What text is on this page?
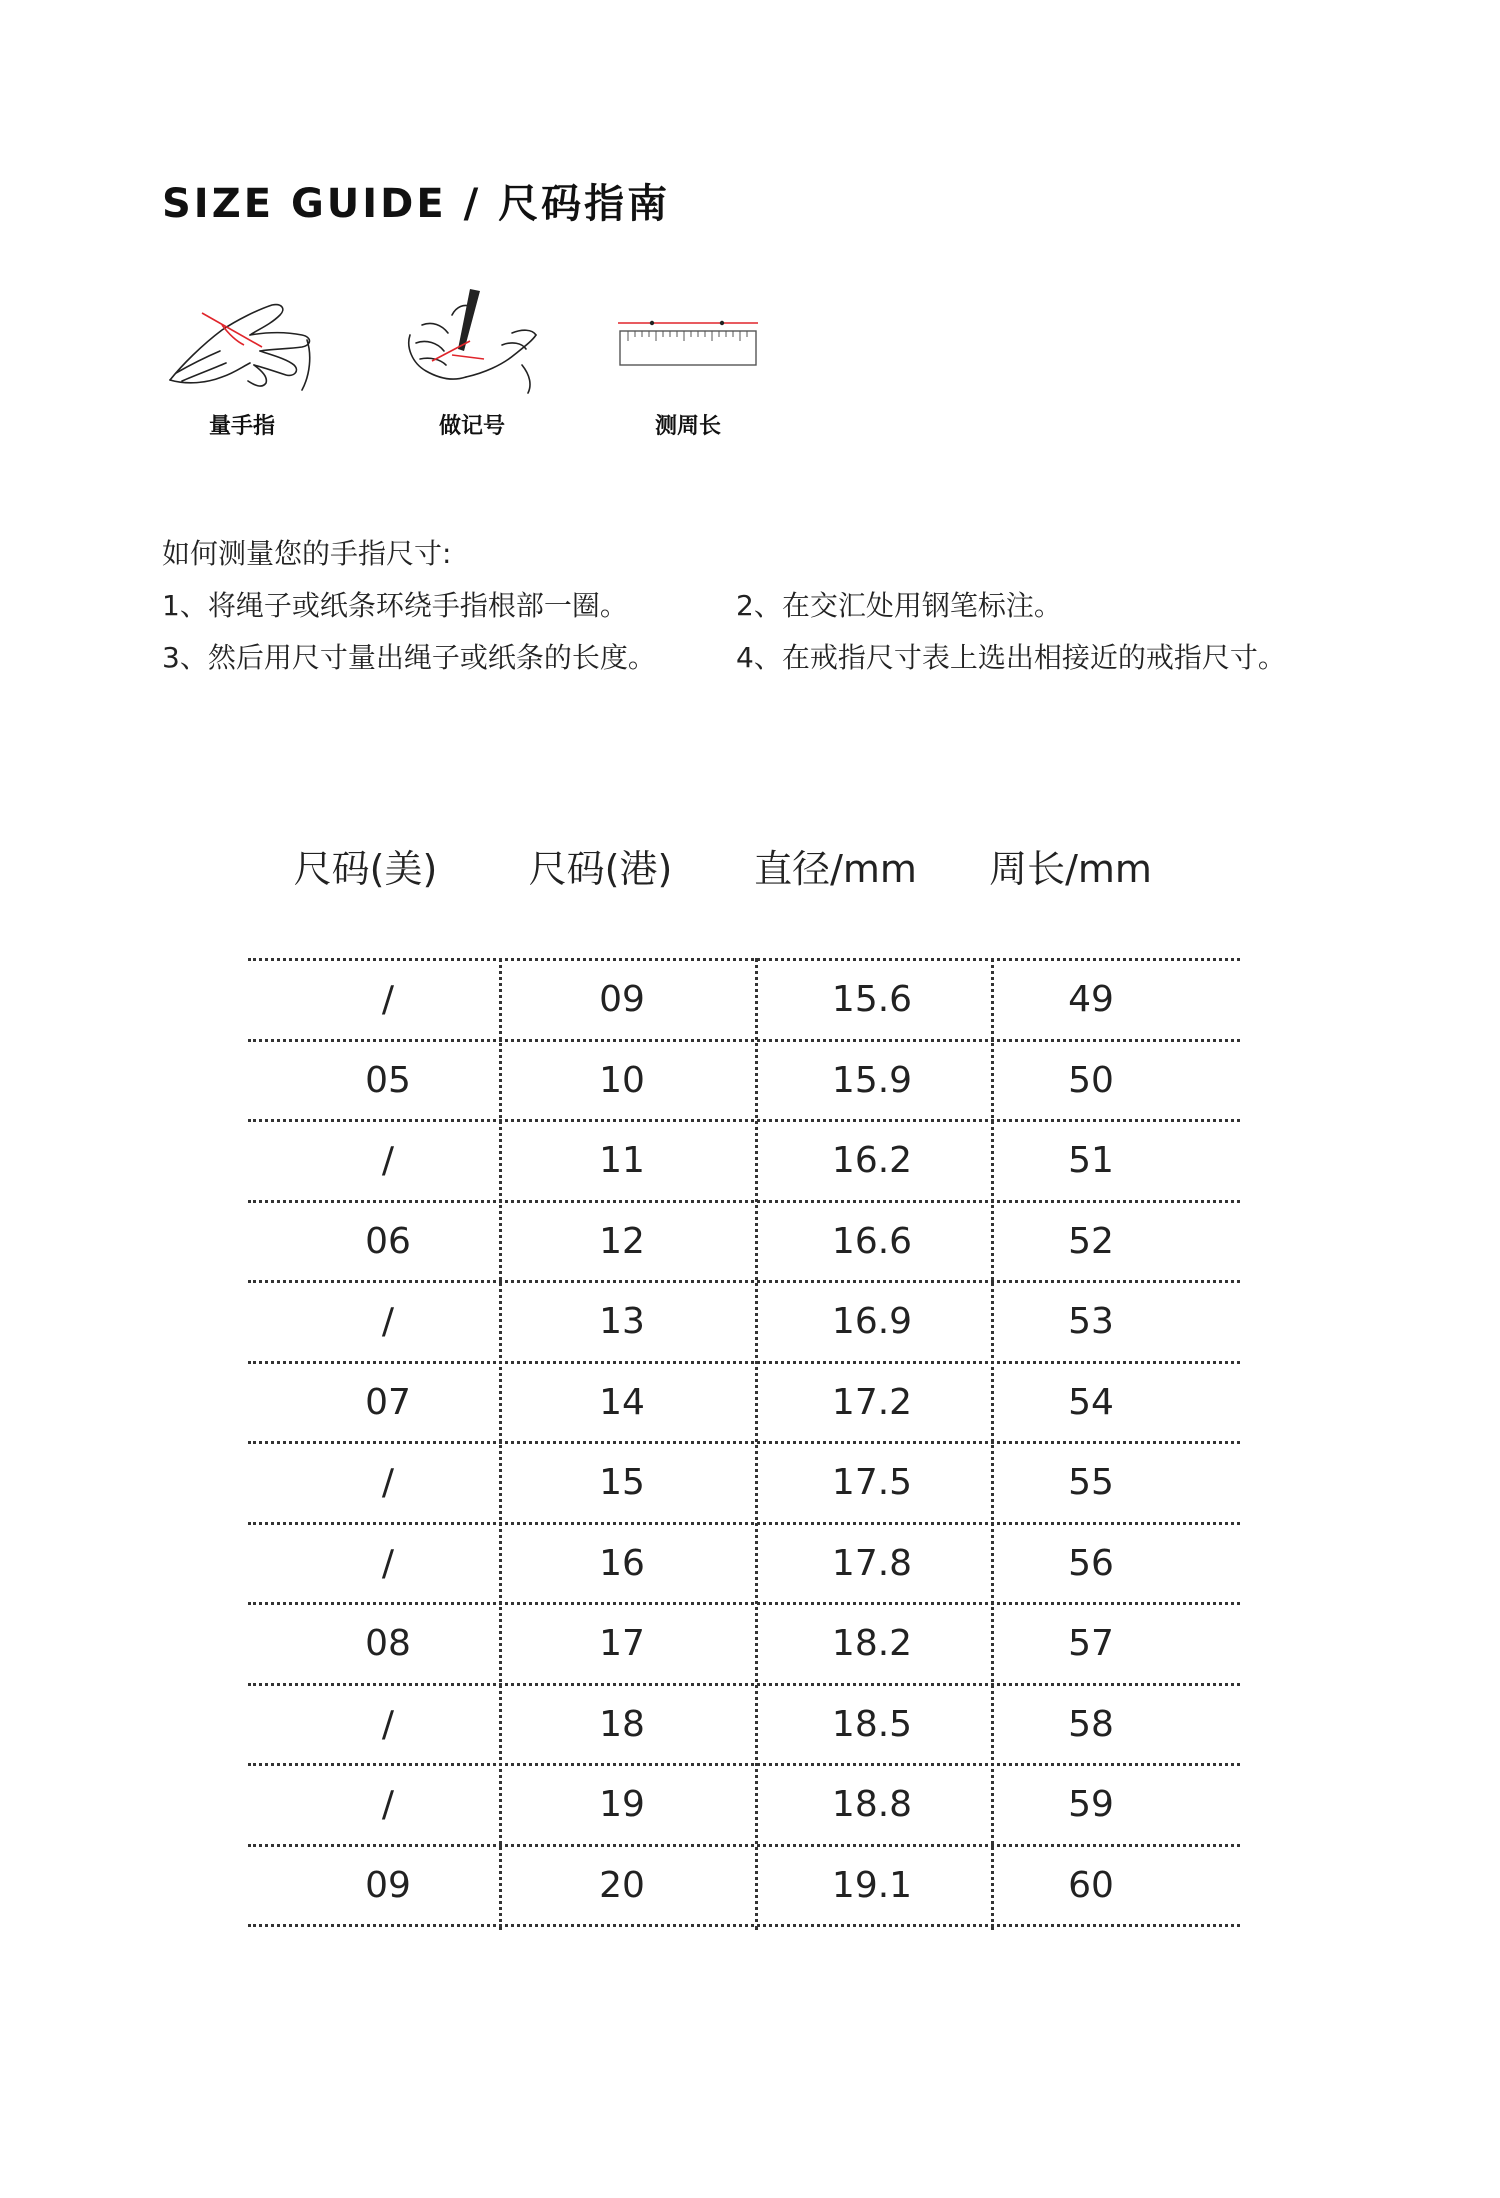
SIZE GUIDE / 尺码指南
量手指	做记号	测周长
如何测量您的手指尺寸:
1、将绳子或纸条环绕手指根部一圈。	2、在交汇处用钢笔标注。
3、然后用尺寸量出绳子或纸条的长度。	4、在戒指尺寸表上选出相接近的戒指尺寸。
尺码(美)	尺码(港)	直径/mm	周长/mm
/	09	15.6	49
05	10	15.9	50
/	11	16.2	51
06	12	16.6	52
/	13	16.9	53
07	14	17.2	54
/	15	17.5	55
/	16	17.8	56
08	17	18.2	57
/	18	18.5	58
/	19	18.8	59
09	20	19.1	60
